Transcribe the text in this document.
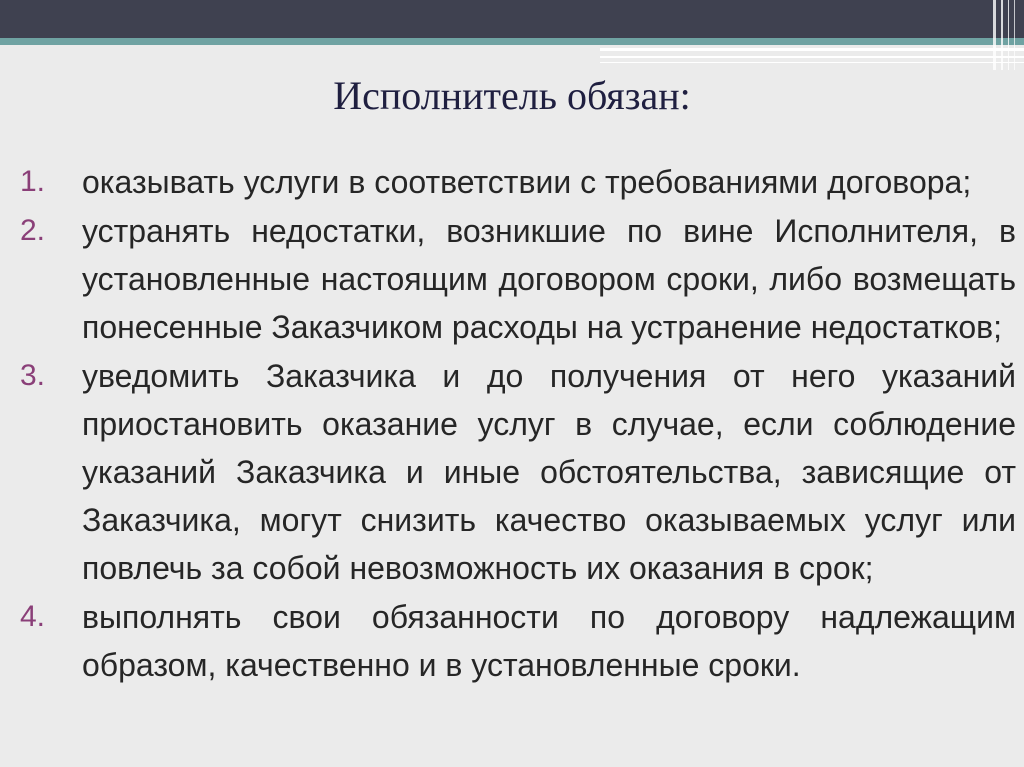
Исполнитель обязан:
1. оказывать услуги в соответствии с требованиями договора;
2. устранять недостатки, возникшие по вине Исполнителя, в установленные настоящим договором сроки, либо возмещать понесенные Заказчиком расходы на устранение недостатков;
3. уведомить Заказчика и до получения от него указаний приостановить оказание услуг в случае, если соблюдение указаний Заказчика и иные обстоятельства, зависящие от Заказчика, могут снизить качество оказываемых услуг или повлечь за собой невозможность их оказания в срок;
4. выполнять свои обязанности по договору надлежащим образом, качественно и в установленные сроки.
